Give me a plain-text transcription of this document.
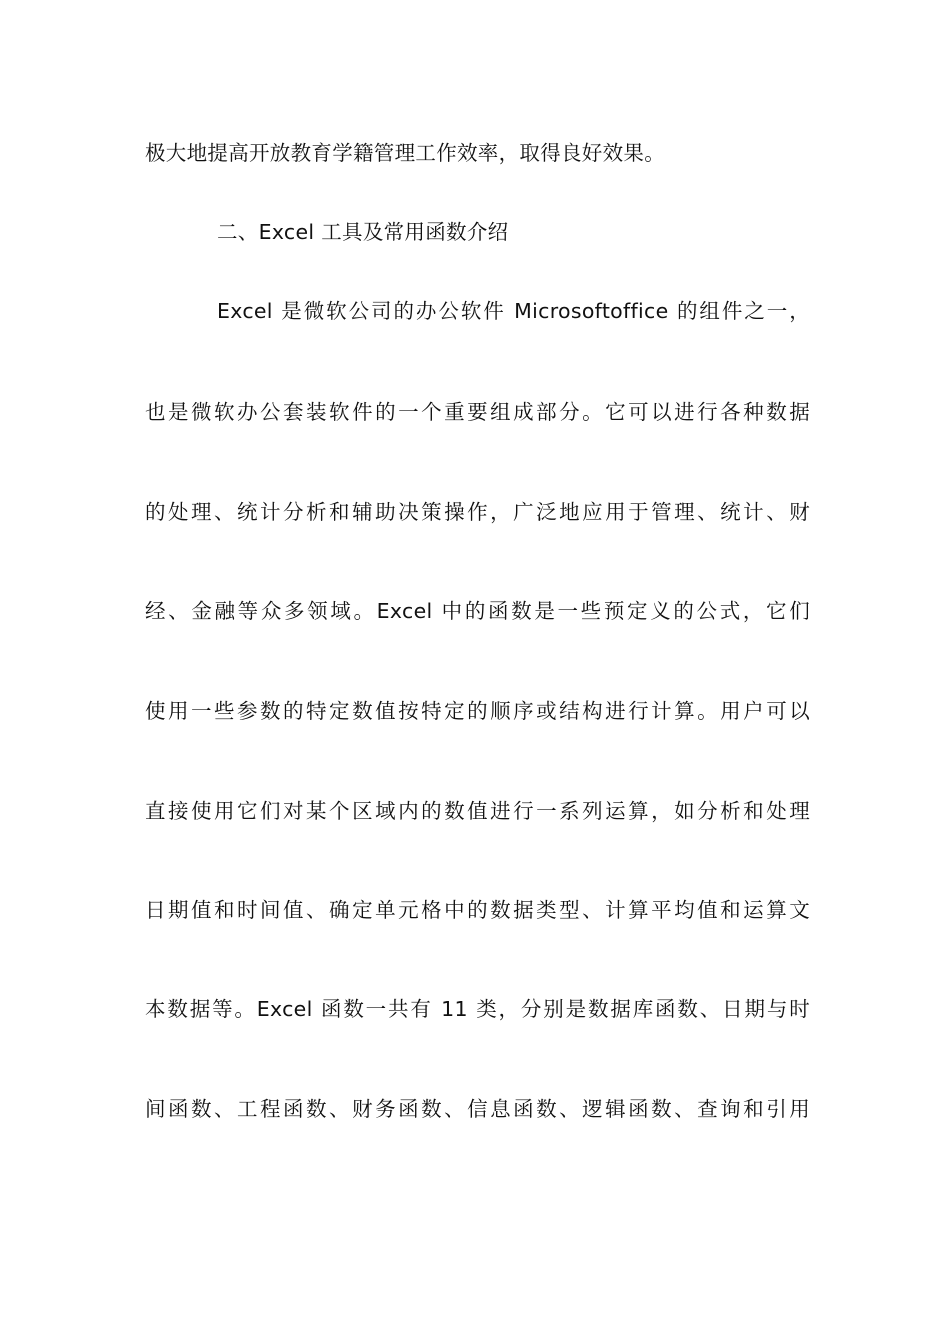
极大地提高开放教育学籍管理工作效率，取得良好效果。
二、Excel 工具及常用函数介绍
Excel 是微软公司的办公软件 Microsoftoffice 的组件之一，
也是微软办公套装软件的一个重要组成部分。它可以进行各种数据
的处理、统计分析和辅助决策操作，广泛地应用于管理、统计、财
经、金融等众多领域。Excel 中的函数是一些预定义的公式，它们
使用一些参数的特定数值按特定的顺序或结构进行计算。用户可以
直接使用它们对某个区域内的数值进行一系列运算，如分析和处理
日期值和时间值、确定单元格中的数据类型、计算平均值和运算文
本数据等。Excel 函数一共有 11 类，分别是数据库函数、日期与时
间函数、工程函数、财务函数、信息函数、逻辑函数、查询和引用
